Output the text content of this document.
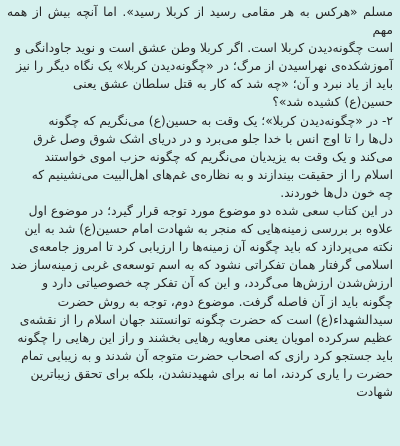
مسلم «هرکس به هر مقامی رسید از کربلا رسید». اما آنچه بیش از همه مهم
است چگونه‌دیدن کربلا است. اگر کربلا وطن عشق است و نوید جاودانگی و
آموزشکده‌ی نهراسیدن از مرگ؛ در «چگونه‌دیدن کربلا» یک نگاه دیگر را نیز
باید از یاد نبرد و آن؛ «چه شد که کار به قتل سلطان عشق یعنی
حسین(ع) کشیده شد»؟
۲- در «چگونه‌دیدن کربلا»؛ یک وقت به حسین(ع) می‌نگریم که چگونه
دل‌ها را تا اوج انس با خدا جلو می‌برد و در دریای اشک شوق وصل غرق
می‌کند و یک وقت به یزیدیان می‌نگریم که چگونه حزب اموی خواستند
اسلام را از حقیقت بیندازند و به نظاره‌ی غم‌های اهل‌البیت می‌نشینیم که
چه خون دل‌ها خوردند.
در این کتاب سعی شده دو موضوع مورد توجه قرار گیرد؛ در موضوع اول
علاوه بر بررسی زمینه‌هایی که منجر به شهادت امام حسین(ع) شد به این
نکته می‌پردازد که باید چگونه آن زمینه‌ها را ارزیابی کرد تا امروز جامعه‌ی
اسلامی گرفتار همان تفکراتی نشود که به اسم توسعه‌ی غربی زمینه‌ساز ضد
ارزش‌شدن ارزش‌ها می‌گردد، و این که آن تفکر چه خصوصیاتی دارد و
چگونه باید از آن فاصله گرفت. موضوع دوم، توجه به روش حضرت
سیدالشهداء(ع) است که حضرت چگونه توانستند جهان اسلام را از نقشه‌ی
عظیم سرکرده امویان یعنی معاویه رهایی بخشند و راز این رهایی را چگونه
باید جستجو کرد رازی که اصحاب حضرت متوجه آن شدند و به زیبایی تمام
حضرت را یاری کردند، اما نه برای شهیدنشدن، بلکه برای تحقق زیباترین
شهادت
